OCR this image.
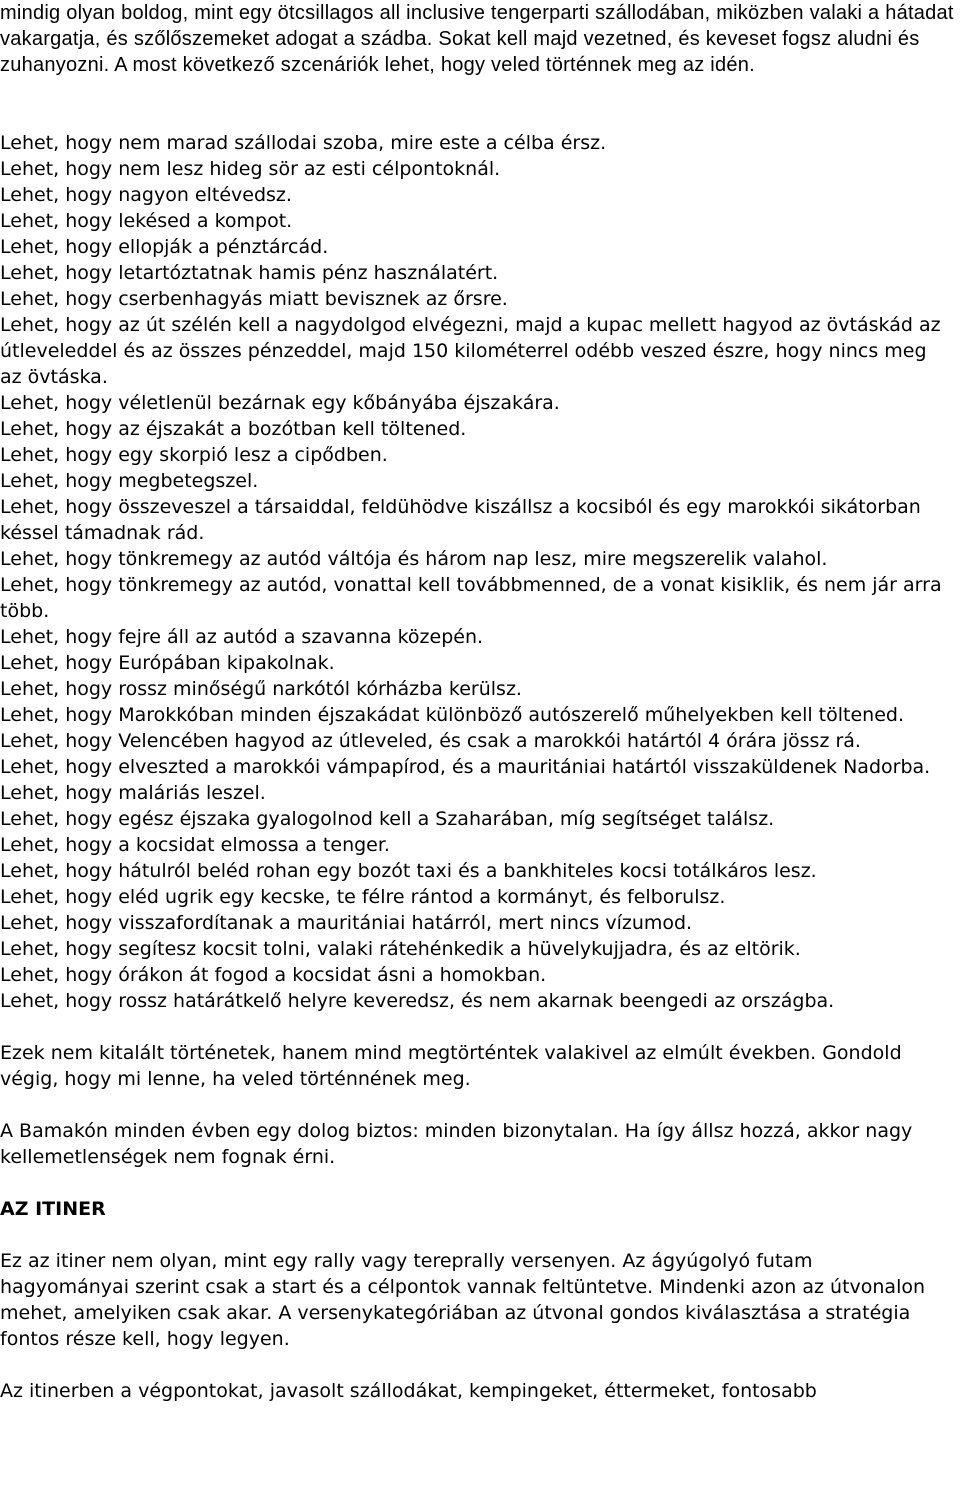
mindig olyan boldog, mint egy ötcsillagos all inclusive tengerparti szállodában, miközben valaki a hátadat vakargatja, és szőlőszemeket adogat a szádba. Sokat kell majd vezetned, és keveset fogsz aludni és zuhanyozni. A most következő szcenáriók lehet, hogy veled történnek meg az idén.

Lehet, hogy nem marad szállodai szoba, mire este a célba érsz.
Lehet, hogy nem lesz hideg sör az esti célpontoknál.
Lehet, hogy nagyon eltévedsz.
Lehet, hogy lekésed a kompot.
Lehet, hogy ellopják a pénztárcád.
Lehet, hogy letartóztatnak hamis pénz használatért.
Lehet, hogy cserbenhagyás miatt bevisznek az őrsre.
Lehet, hogy az út szélén kell a nagydolgod elvégezni, majd a kupac mellett hagyod az övtáskád az útleveleddel és az összes pénzeddel, majd 150 kilométerrel odébb veszed észre, hogy nincs meg az övtáska.
Lehet, hogy véletlenül bezárnak egy kőbányába éjszakára.
Lehet, hogy az éjszakát a bozótban kell töltened.
Lehet, hogy egy skorpió lesz a cipődben.
Lehet, hogy megbetegszel.
Lehet, hogy összeveszel a társaiddal, feldühödve kiszállsz a kocsiból és egy marokkói sikátorban késsel támadnak rád.
Lehet, hogy tönkremegy az autód váltója és három nap lesz, mire megszerelik valahol.
Lehet, hogy tönkremegy az autód, vonattal kell továbbmenned, de a vonat kisiklik, és nem jár arra több.
Lehet, hogy fejre áll az autód a szavanna közepén.
Lehet, hogy Európában kipakolnak.
Lehet, hogy rossz minőségű narkótól kórházba kerülsz.
Lehet, hogy Marokkóban minden éjszakádat különböző autószerelő műhelyekben kell töltened.
Lehet, hogy Velencében hagyod az útleveled, és csak a marokkói határtól 4 órára jössz rá.
Lehet, hogy elveszted a marokkói vámpapírod, és a mauritániai határtól visszaküldenek Nadorba.
Lehet, hogy maláriás leszel.
Lehet, hogy egész éjszaka gyalogolnod kell a Szaharában, míg segítséget találsz.
Lehet, hogy a kocsidat elmossa a tenger.
Lehet, hogy hátulról beléd rohan egy bozót taxi és a bankhiteles kocsi totálkáros lesz.
Lehet, hogy eléd ugrik egy kecske, te félre rántod a kormányt, és felborulsz.
Lehet, hogy visszafordítanak a mauritániai határról, mert nincs vízumod.
Lehet, hogy segítesz kocsit tolni, valaki rátehénkedik a hüvelykujjadra, és az eltörik.
Lehet, hogy órákon át fogod a kocsidat ásni a homokban.
Lehet, hogy rossz határátkelő helyre keveredsz, és nem akarnak beengedi az országba.

Ezek nem kitalált történetek, hanem mind megtörténtek valakivel az elmúlt években. Gondold végig, hogy mi lenne, ha veled történnének meg.

A Bamakón minden évben egy dolog biztos: minden bizonytalan. Ha így állsz hozzá, akkor nagy kellemetlenségek nem fognak érni.

AZ ITINER

Ez az itiner nem olyan, mint egy rally vagy tereprally versenyen. Az ágyúgolyó futam hagyományai szerint csak a start és a célpontok vannak feltüntetve. Mindenki azon az útvonalon mehet, amelyiken csak akar. A versenykategóriában az útvonal gondos kiválasztása a stratégia fontos része kell, hogy legyen.

Az itinerben a végpontokat, javasolt szállodákat, kempingeket, éttermeket, fontosabb
